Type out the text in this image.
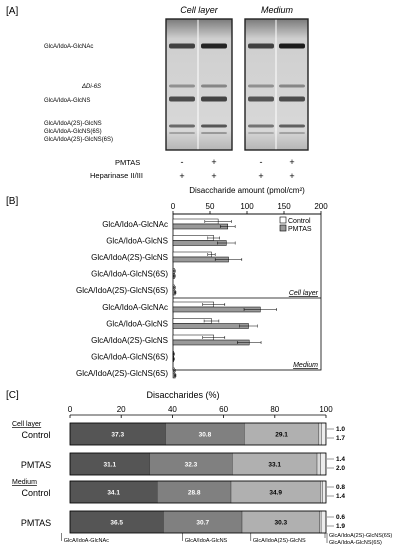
[A]	Cell layer	Medium
GlcA/IdoA-GlcNAc
ΔDi-6S
GlcA/IdoA-GlcNS
GlcA/IdoA(2S)-GlcNS
GlcA/IdoA-GlcNS(6S)
GlcA/IdoA(2S)-GlcNS(6S)
PMTAS
Heparinase II/III
-	+	-	+
+	+	+	+
[B]
Disaccharide amount (pmol/cm²)
0	50	100	150	200
GlcA/IdoA-GlcNAc
GlcA/IdoA-GlcNS
GlcA/IdoA(2S)-GlcNS
GlcA/IdoA-GlcNS(6S)
GlcA/IdoA(2S)-GlcNS(6S)
GlcA/IdoA-GlcNAc
GlcA/IdoA-GlcNS
GlcA/IdoA(2S)-GlcNS
GlcA/IdoA-GlcNS(6S)
GlcA/IdoA(2S)-GlcNS(6S)
Control
PMTAS
Cell layer
Medium
[C]	Disaccharides (%)
0	20	40	60	80	100
Cell layer
Medium
Control	37.3	30.8	29.1
1.0
1.7
PMTAS	31.1	32.3	33.1
1.4
2.0
Control	34.1	28.8	34.9
0.8
1.4
PMTAS	36.5	30.7	30.3
0.6
1.9
GlcA/IdoA-GlcNAc	GlcA/IdoA-GlcNS	GlcA/IdoA(2S)-GlcNS
GlcA/IdoA(2S)-GlcNS(6S)
GlcA/IdoA-GlcNS(6S)
